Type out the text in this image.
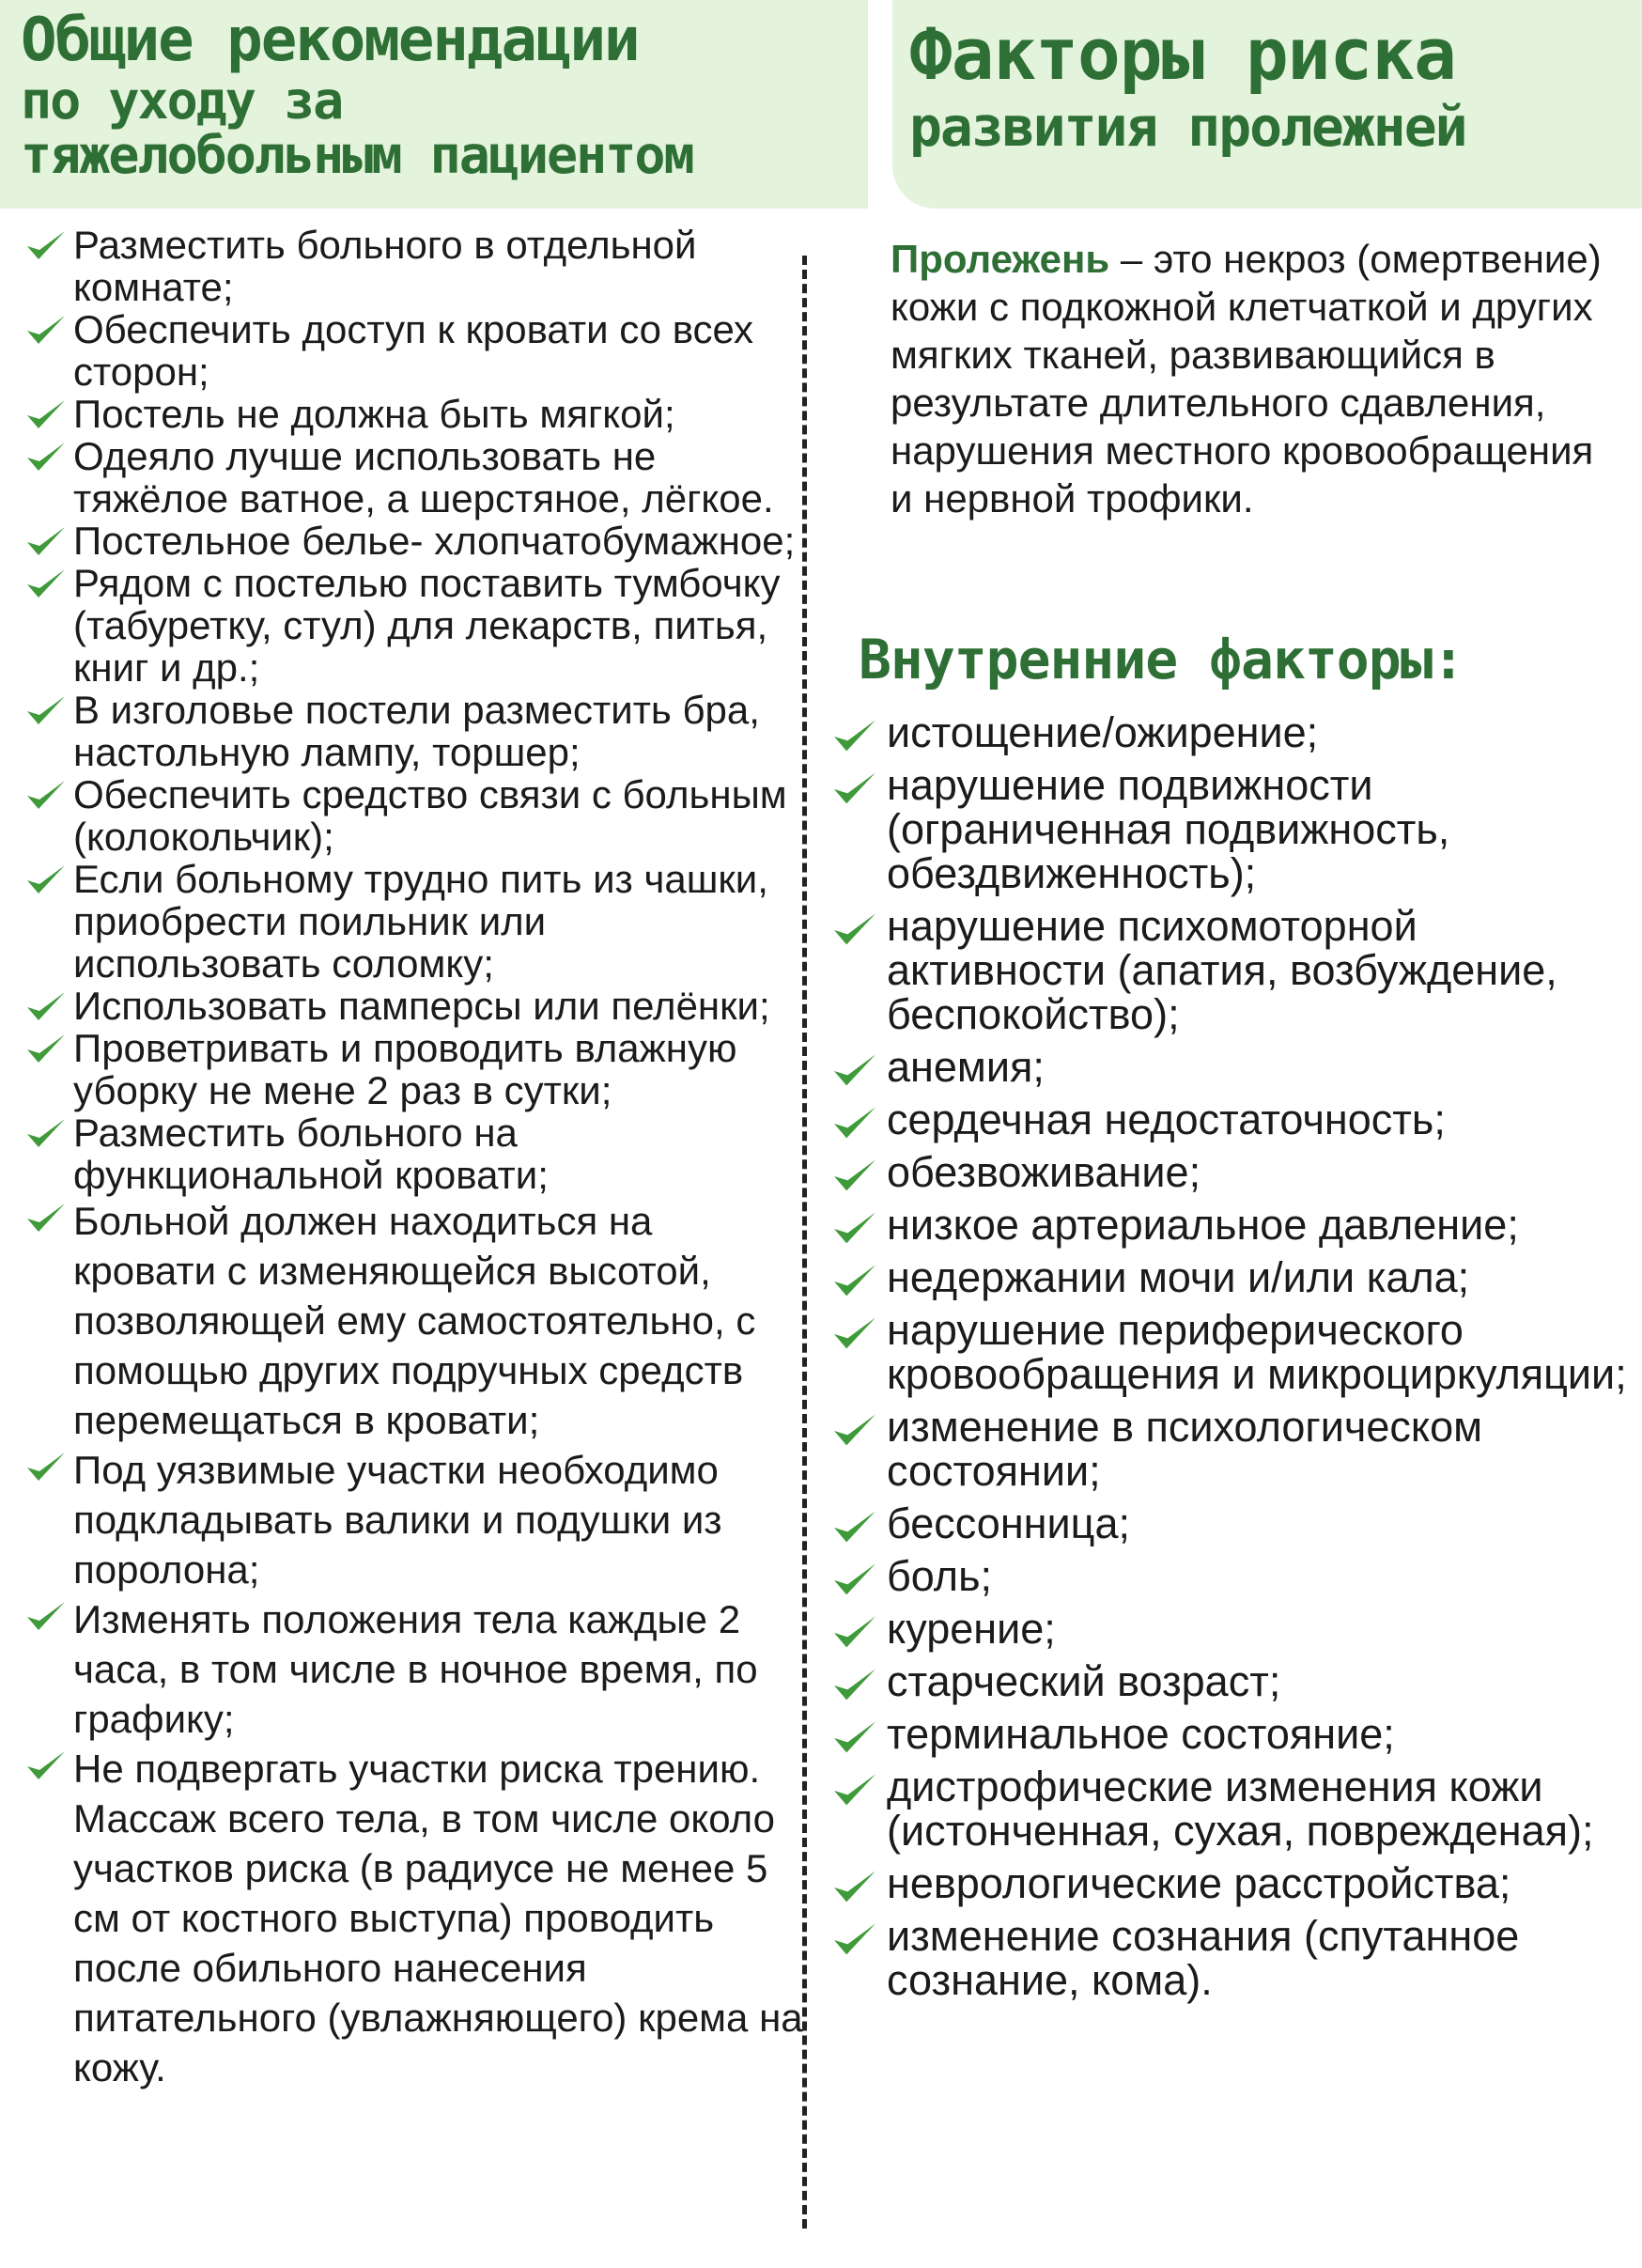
Общие рекомендации
по уходу за
тяжелобольным пациентом
Факторы риска
развития пролежней
Разместить больного в отдельной комнате;
Обеспечить доступ к кровати со всех сторон;
Постель не должна быть мягкой;
Одеяло лучше использовать не тяжёлое ватное, а шерстяное, лёгкое.
Постельное белье- хлопчатобумажное;
Рядом с постелью поставить тумбочку (табуретку, стул) для лекарств, питья, книг и др.;
В изголовье постели разместить бра, настольную лампу, торшер;
Обеспечить средство связи с больным (колокольчик);
Если больному трудно пить из чашки, приобрести поильник или использовать соломку;
Использовать памперсы или пелёнки;
Проветривать и проводить влажную уборку не мене 2 раз в сутки;
Разместить больного на функциональной кровати;
Больной должен находиться на кровати с изменяющейся высотой, позволяющей ему самостоятельно, с помощью других подручных средств перемещаться в кровати;
Под уязвимые участки необходимо подкладывать валики и подушки из поролона;
Изменять положения тела каждые 2 часа, в том числе в ночное время, по графику;
Не подвергать участки риска трению. Массаж всего тела, в том числе около участков риска (в радиусе не менее 5 см от костного выступа) проводить после обильного нанесения питательного (увлажняющего) крема на кожу.

Пролежень – это некроз (омертвение) кожи с подкожной клетчаткой и других мягких тканей, развивающийся в результате длительного сдавления, нарушения местного кровообращения и нервной трофики.

Внутренние факторы:
истощение/ожирение;
нарушение подвижности (ограниченная подвижность, обездвиженность);
нарушение психомоторной активности (апатия, возбуждение, беспокойство);
анемия;
сердечная недостаточность;
обезвоживание;
низкое артериальное давление;
недержании мочи и/или кала;
нарушение периферического кровообращения и микроциркуляции;
изменение в психологическом состоянии;
бессонница;
боль;
курение;
старческий возраст;
терминальное состояние;
дистрофические изменения кожи (истонченная, сухая, поврежденая);
неврологические расстройства;
изменение сознания (спутанное сознание, кома).
